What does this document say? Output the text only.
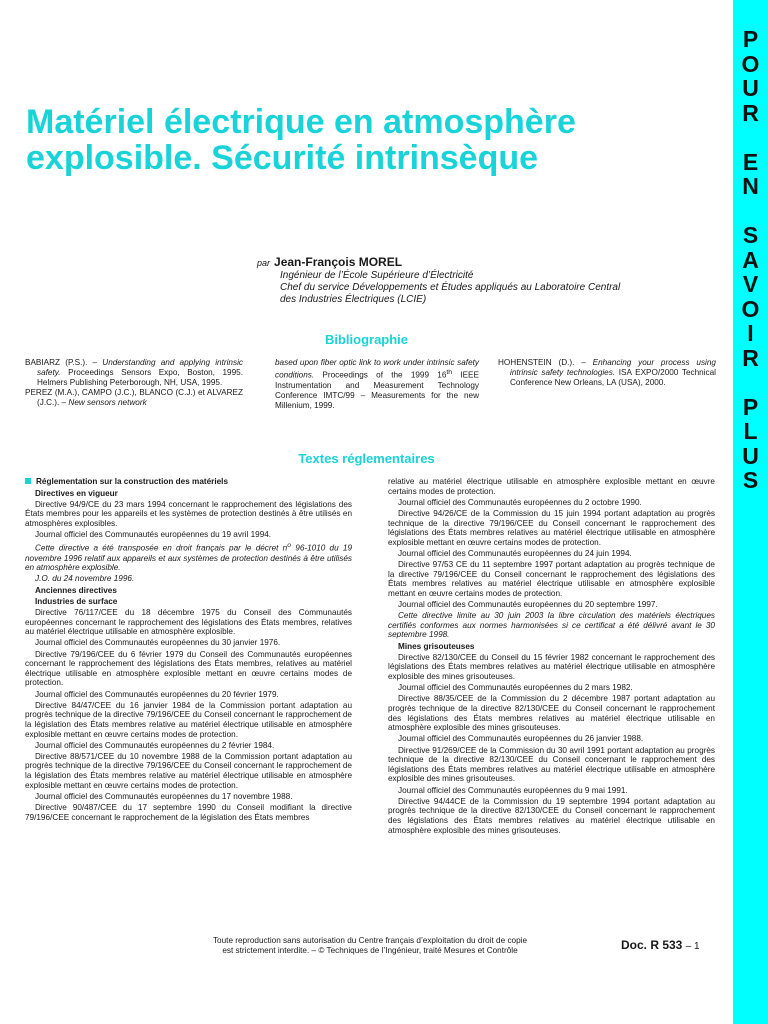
P
O
U
R
E
N
S
A
V
O
I
R
P
L
U
S
Matériel électrique en atmosphère
explosible. Sécurité intrinsèque
par Jean-François MOREL
Ingénieur de l’École Supérieure d’Électricité
Chef du service Développements et Études appliqués au Laboratoire Central
des Industries Électriques (LCIE)
Bibliographie

BABIARZ (P.S.). – Understanding and applying intrinsic safety. Proceedings Sensors Expo, Boston, 1995. Helmers Publishing Peterborough, NH, USA, 1995.

PEREZ (M.A.), CAMPO (J.C.), BLANCO (C.J.) et ALVAREZ (J.C.). – New sensors network

based upon fiber optic link to work under intrinsic safety conditions. Proceedings of the 1999 16th IEEE Instrumentation and Measurement Technology Conference IMTC/99 – Measurements for the new Millenium, 1999.

HOHENSTEIN (D.). – Enhancing your process using intrinsic safety technologies. ISA EXPO/2000 Technical Conference New Orleans, LA (USA), 2000.

Textes réglementaires

Réglementation sur la construction des matériels

Directives en vigueur

Directive 94/9/CE du 23 mars 1994 concernant le rapprochement des législations des États membres pour les appareils et les systèmes de protection destinés à être utilisés en atmosphères explosibles.

Journal officiel des Communautés européennes du 19 avril 1994.

Cette directive a été transposée en droit français par le décret $n^o$ 96-1010 du 19 novembre 1996 relatif aux appareils et aux systèmes de protection destinés à être utilisés en atmosphère explosible.

J.O. du 24 novembre 1996.

Anciennes directives

Industries de surface

Directive 76/117/CEE du 18 décembre 1975 du Conseil des Communautés européennes concernant le rapprochement des législations des États membres, relatives au matériel électrique utilisable en atmosphère explosible.

Journal officiel des Communautés européennes du 30 janvier 1976.

Directive 79/196/CEE du 6 février 1979 du Conseil des Communautés européennes concernant le rapprochement des législations des États membres, relatives au matériel électrique utilisable en atmosphère explosible mettant en œuvre certains modes de protection.

Journal officiel des Communautés européennes du 20 février 1979.

Directive 84/47/CEE du 16 janvier 1984 de la Commission portant adaptation au progrès technique de la directive 79/196/CEE du Conseil concernant le rapprochement de la législation des États membres relative au matériel électrique utilisable en atmosphère explosible mettant en œuvre certains modes de protection.

Journal officiel des Communautés européennes du 2 février 1984.

Directive 88/571/CEE du 10 novembre 1988 de la Commission portant adaptation au progrès technique de la directive 79/196/CEE du Conseil concernant le rapprochement de la législation des États membres relative au matériel électrique utilisable en atmosphère explosible mettant en œuvre certains modes de protection.

Journal officiel des Communautés européennes du 17 novembre 1988.

Directive 90/487/CEE du 17 septembre 1990 du Conseil modifiant la directive 79/196/CEE concernant le rapprochement de la législation des États membres

relative au matériel électrique utilisable en atmosphère explosible mettant en œuvre certains modes de protection.

Journal officiel des Communautés européennes du 2 octobre 1990.

Directive 94/26/CE de la Commission du 15 juin 1994 portant adaptation au progrès technique de la directive 79/196/CEE du Conseil concernant le rapprochement des législations des États membres relatives au matériel électrique utilisable en atmosphère explosible mettant en œuvre certains modes de protection.

Journal officiel des Communautés européennes du 24 juin 1994.

Directive 97/53 CE du 11 septembre 1997 portant adaptation au progrès technique de la directive 79/196/CEE du Conseil concernant le rapprochement des législations des États membres relatives au matériel électrique utilisable en atmosphère explosible mettant en œuvre certains modes de protection.

Journal officiel des Communautés européennes du 20 septembre 1997.

Cette directive limite au 30 juin 2003 la libre circulation des matériels électriques certifiés conformes aux normes harmonisées si ce certificat a été délivré avant le 30 septembre 1998.

Mines grisouteuses

Directive 82/130/CEE du Conseil du 15 février 1982 concernant le rapprochement des législations des États membres relatives au matériel électrique utilisable en atmosphère explosible des mines grisouteuses.

Journal officiel des Communautés européennes du 2 mars 1982.

Directive 88/35/CEE de la Commission du 2 décembre 1987 portant adaptation au progrès technique de la directive 82/130/CEE du Conseil concernant le rapprochement des législations des États membres relatives au matériel électrique utilisable en atmosphère explosible des mines grisouteuses.

Journal officiel des Communautés européennes du 26 janvier 1988.

Directive 91/269/CEE de la Commission du 30 avril 1991 portant adaptation au progrès technique de la directive 82/130/CEE du Conseil concernant le rapprochement des législations des États membres relatives au matériel électrique utilisable en atmosphère explosible des mines grisouteuses.

Journal officiel des Communautés européennes du 9 mai 1991.

Directive 94/44CE de la Commission du 19 septembre 1994 portant adaptation au progrès technique de la directive 82/130/CEE du Conseil concernant le rapprochement des législations des États membres relatives au matériel électrique utilisable en atmosphère explosible des mines grisouteuses.

Toute reproduction sans autorisation du Centre français d’exploitation du droit de copie
est strictement interdite. – © Techniques de l’Ingénieur, traité Mesures et Contrôle	Doc. R 533 – 1
